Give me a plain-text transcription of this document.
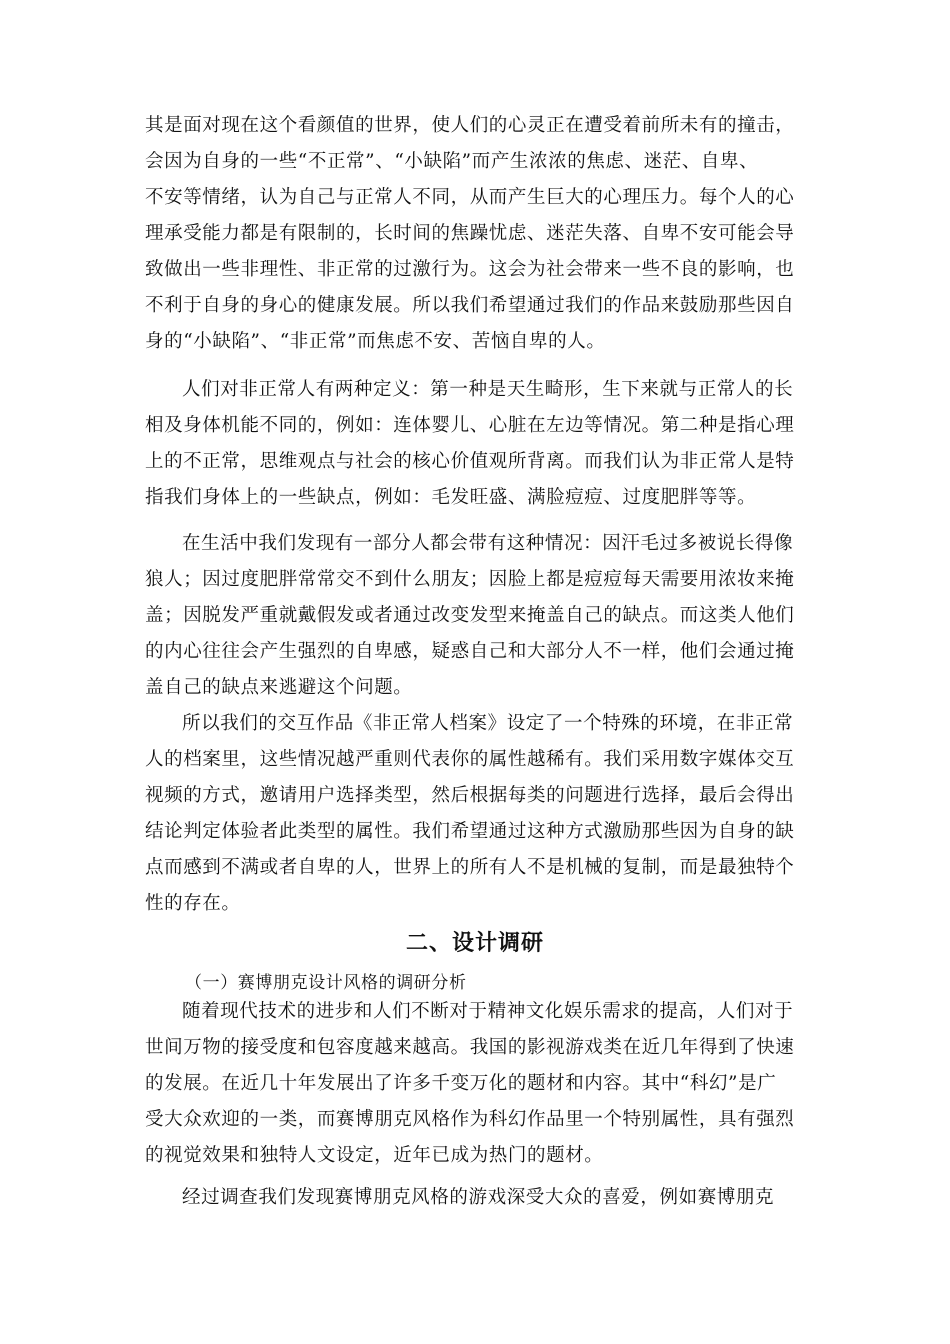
其是面对现在这个看颜值的世界，使人们的心灵正在遭受着前所未有的撞击，
会因为自身的一些“不正常”、“小缺陷”而产生浓浓的焦虑、迷茫、自卑、
不安等情绪，认为自己与正常人不同，从而产生巨大的心理压力。每个人的心
理承受能力都是有限制的，长时间的焦躁忧虑、迷茫失落、自卑不安可能会导
致做出一些非理性、非正常的过激行为。这会为社会带来一些不良的影响，也
不利于自身的身心的健康发展。所以我们希望通过我们的作品来鼓励那些因自
身的“小缺陷”、“非正常”而焦虑不安、苦恼自卑的人。
人们对非正常人有两种定义：第一种是天生畸形，生下来就与正常人的长
相及身体机能不同的，例如：连体婴儿、心脏在左边等情况。第二种是指心理
上的不正常，思维观点与社会的核心价值观所背离。而我们认为非正常人是特
指我们身体上的一些缺点，例如：毛发旺盛、满脸痘痘、过度肥胖等等。
在生活中我们发现有一部分人都会带有这种情况：因汗毛过多被说长得像
狼人；因过度肥胖常常交不到什么朋友；因脸上都是痘痘每天需要用浓妆来掩
盖；因脱发严重就戴假发或者通过改变发型来掩盖自己的缺点。而这类人他们
的内心往往会产生强烈的自卑感，疑惑自己和大部分人不一样，他们会通过掩
盖自己的缺点来逃避这个问题。
所以我们的交互作品《非正常人档案》设定了一个特殊的环境，在非正常
人的档案里，这些情况越严重则代表你的属性越稀有。我们采用数字媒体交互
视频的方式，邀请用户选择类型，然后根据每类的问题进行选择，最后会得出
结论判定体验者此类型的属性。我们希望通过这种方式激励那些因为自身的缺
点而感到不满或者自卑的人，世界上的所有人不是机械的复制，而是最独特个
性的存在。
二、设计调研
（一）赛博朋克设计风格的调研分析
随着现代技术的进步和人们不断对于精神文化娱乐需求的提高，人们对于
世间万物的接受度和包容度越来越高。我国的影视游戏类在近几年得到了快速
的发展。在近几十年发展出了许多千变万化的题材和内容。其中“科幻”是广
受大众欢迎的一类，而赛博朋克风格作为科幻作品里一个特别属性，具有强烈
的视觉效果和独特人文设定，近年已成为热门的题材。
经过调查我们发现赛博朋克风格的游戏深受大众的喜爱，例如赛博朋克
